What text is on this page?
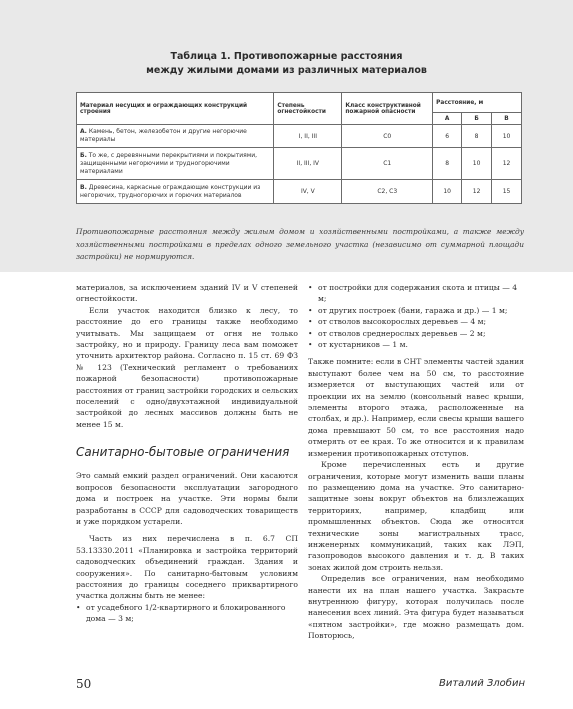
Таблица 1. Противопожарные расстояния
между жилыми домами из различных материалов
Материал несущих и ограждающих конструкций строения	Степень огнестойкости	Класс конструктивной пожарной опасности	Расстояние, м		
			А	Б	В
А. Камень, бетон, железобетон и другие негорючие материалы	I, II, III	C0	6	8	10
Б. То же, с деревянными перекрытиями и покрытиями, защищенными негорючими и трудногорючими материалами	II, III, IV	C1	8	10	12
В. Древесина, каркасные ограждающие конструкции из негорючих, трудногорючих и горючих материалов	IV, V	C2, C3	10	12	15
Противопожарные расстояния между жилым домом и хозяйственными постройками, а также между хозяйственными постройками в пределах одного земельного участка (независимо от суммарной площади застройки) не нормируются.

материалов, за исключением зданий IV и V степеней огнестойкости.

Если участок находится близко к лесу, то расстояние до его границы также необходимо учитывать. Мы защищаем от огня не только застройку, но и природу. Границу леса вам поможет уточнить архитектор района. Согласно п. 15 ст. 69 ФЗ № 123 (Технический регламент о требованиях пожарной безопасности) противопожарные расстояния от границ застройки городских и сельских поселений с одно/двухэтажной индивидуальной застройкой до лесных массивов должны быть не менее 15 м.

Санитарно-бытовые ограничения

Это самый емкий раздел ограничений. Они касаются вопросов безопасности эксплуатации загородного дома и построек на участке. Эти нормы были разработаны в СССР для садоводческих товариществ и уже порядком устарели.

Часть из них перечислена в п. 6.7 СП 53.13330.2011 «Планировка и застройка территорий садоводческих объединений граждан. Здания и сооружения». По санитарно-бытовым условиям расстояния до границы соседнего приквартирного участка должны быть не менее:

• от усадебного 1/2-квартирного и блокированного дома — 3 м;
• от постройки для содержания скота и птицы — 4 м;
• от других построек (бани, гаража и др.) — 1 м;
• от стволов высокорослых деревьев — 4 м;
• от стволов среднерослых деревьев — 2 м;
• от кустарников — 1 м.

Также помните: если в СНТ элементы частей здания выступают более чем на 50 см, то расстояние измеряется от выступающих частей или от проекции их на землю (консольный навес крыши, элементы второго этажа, расположенные на столбах, и др.). Например, если свесы крыши вашего дома превышают 50 см, то все расстояния надо отмерять от ее края. То же относится и к правилам измерения противопожарных отступов.

Кроме перечисленных есть и другие ограничения, которые могут изменить ваши планы по размещению дома на участке. Это санитарно-защитные зоны вокруг объектов на близлежащих территориях, например, кладбищ или промышленных объектов. Сюда же относятся технические зоны магистральных трасс, инженерных коммуникаций, таких как ЛЭП, газопроводов высокого давления и т. д. В таких зонах жилой дом строить нельзя.

Определив все ограничения, нам необходимо нанести их на план нашего участка. Закрасьте внутреннюю фигуру, которая получилась после нанесения всех линий. Эта фигура будет называться «пятном застройки», где можно размещать дом. Повторюсь,

50	Виталий Злобин
